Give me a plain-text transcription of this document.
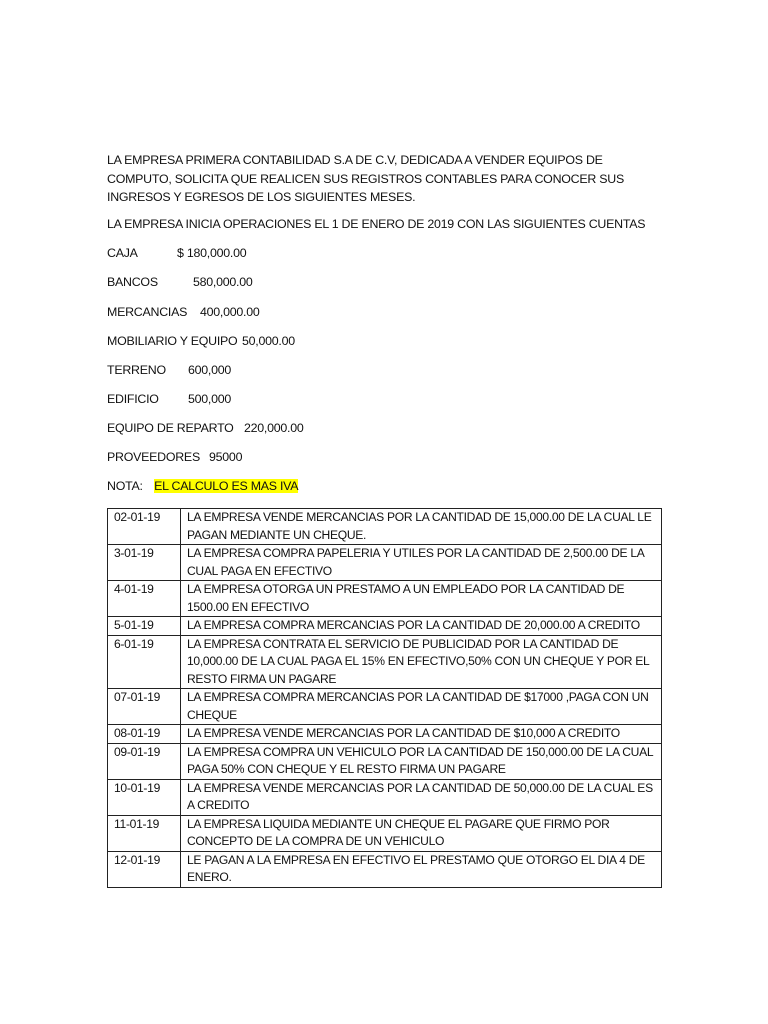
LA EMPRESA PRIMERA CONTABILIDAD S.A DE C.V, DEDICADA A VENDER EQUIPOS DE COMPUTO, SOLICITA QUE REALICEN SUS REGISTROS CONTABLES PARA CONOCER SUS INGRESOS Y EGRESOS DE LOS SIGUIENTES MESES.
LA EMPRESA INICIA OPERACIONES EL 1 DE ENERO DE 2019 CON LAS SIGUIENTES CUENTAS
CAJA	$ 180,000.00
BANCOS	580,000.00
MERCANCIAS 400,000.00
MOBILIARIO Y EQUIPO 50,000.00
TERRENO 600,000
EDIFICIO 500,000
EQUIPO DE REPARTO 220,000.00
PROVEEDORES 95000
NOTA: EL CALCULO ES MAS IVA
02-01-19	LA EMPRESA VENDE MERCANCIAS POR LA CANTIDAD DE 15,000.00 DE LA CUAL LE PAGAN MEDIANTE UN CHEQUE.
3-01-19	LA EMPRESA COMPRA PAPELERIA Y UTILES POR LA CANTIDAD DE 2,500.00 DE LA CUAL PAGA EN EFECTIVO
4-01-19	LA EMPRESA OTORGA UN PRESTAMO A UN EMPLEADO POR LA CANTIDAD DE 1500.00 EN EFECTIVO
5-01-19	LA EMPRESA COMPRA MERCANCIAS POR LA CANTIDAD DE 20,000.00 A CREDITO
6-01-19	LA EMPRESA CONTRATA EL SERVICIO DE PUBLICIDAD POR LA CANTIDAD DE 10,000.00 DE LA CUAL PAGA EL 15% EN EFECTIVO,50% CON UN CHEQUE Y POR EL RESTO FIRMA UN PAGARE
07-01-19	LA EMPRESA COMPRA MERCANCIAS POR LA CANTIDAD DE $17000 ,PAGA CON UN CHEQUE
08-01-19	LA EMPRESA VENDE MERCANCIAS POR LA CANTIDAD DE $10,000 A CREDITO
09-01-19	LA EMPRESA COMPRA UN VEHICULO POR LA CANTIDAD DE 150,000.00 DE LA CUAL PAGA 50% CON CHEQUE Y EL RESTO FIRMA UN PAGARE
10-01-19	LA EMPRESA VENDE MERCANCIAS POR LA CANTIDAD DE 50,000.00 DE LA CUAL ES A CREDITO
11-01-19	LA EMPRESA LIQUIDA MEDIANTE UN CHEQUE EL PAGARE QUE FIRMO POR CONCEPTO DE LA COMPRA DE UN VEHICULO
12-01-19	LE PAGAN A LA EMPRESA EN EFECTIVO EL PRESTAMO QUE OTORGO EL DIA 4 DE ENERO.
